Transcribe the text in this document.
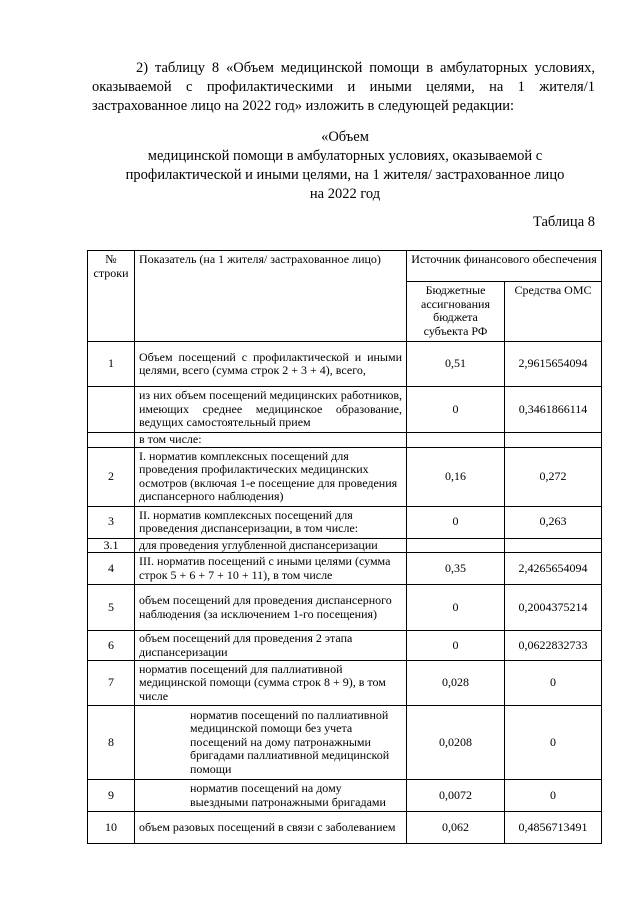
2) таблицу 8 «Объем медицинской помощи в амбулаторных условиях, оказываемой с профилактическими и иными целями, на 1 жителя/1 застрахованное лицо на 2022 год» изложить в следующей редакции:
«Объем
медицинской помощи в амбулаторных условиях, оказываемой с
профилактической и иными целями, на 1 жителя/ застрахованное лицо
на 2022 год
Таблица 8
№ строки	Показатель (на 1 жителя/ застрахованное лицо)	Источник финансового обеспечения	
		Бюджетные ассигнования бюджета субъекта РФ	Средства ОМС
1	Объем посещений с профилактической и иными целями, всего (сумма строк 2 + 3 + 4), всего,	0,51	2,9615654094
	из них объем посещений медицинских работников, имеющих среднее медицинское образование, ведущих самостоятельный прием	0	0,3461866114
	в том числе:		
2	I. норматив комплексных посещений для проведения профилактических медицинских осмотров (включая 1-е посещение для проведения диспансерного наблюдения)	0,16	0,272
3	II. норматив комплексных посещений для проведения диспансеризации, в том числе:	0	0,263
3.1	для проведения углубленной диспансеризации		
4	III. норматив посещений с иными целями (сумма строк 5 + 6 + 7 + 10 + 11), в том числе	0,35	2,4265654094
5	объем посещений для проведения диспансерного наблюдения (за исключением 1-го посещения)	0	0,2004375214
6	объем посещений для проведения 2 этапа диспансеризации	0	0,0622832733
7	норматив посещений для паллиативной медицинской помощи (сумма строк 8 + 9), в том числе	0,028	0
8	норматив посещений по паллиативной медицинской помощи без учета посещений на дому патронажными бригадами паллиативной медицинской помощи	0,0208	0
9	норматив посещений на дому выездными патронажными бригадами	0,0072	0
10	объем разовых посещений в связи с заболеванием	0,062	0,4856713491
